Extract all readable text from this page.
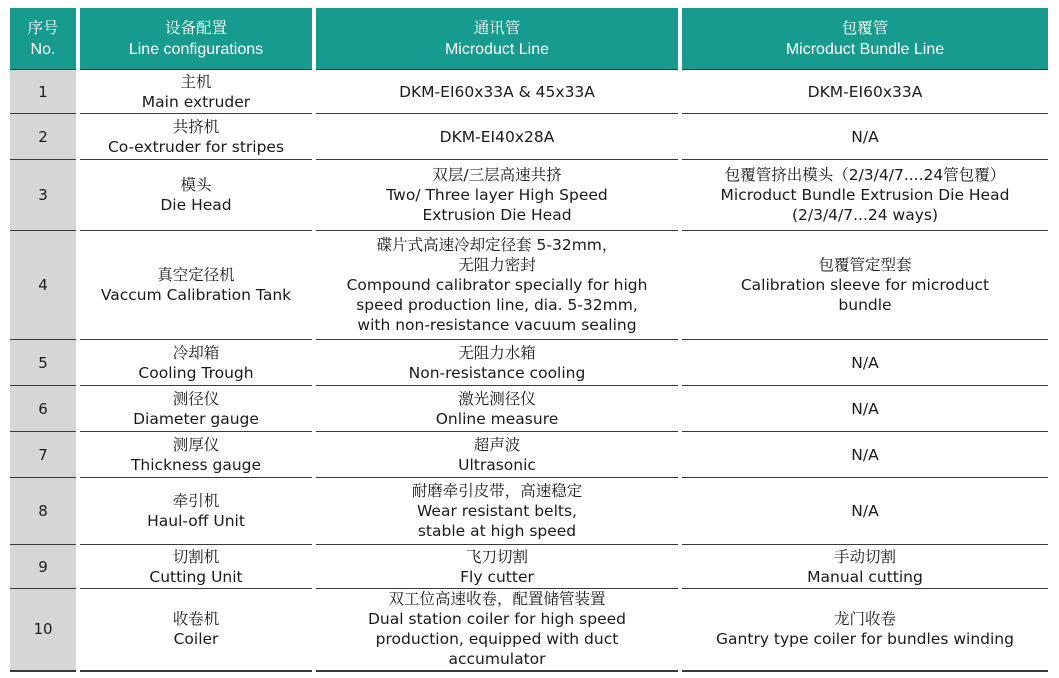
序号
No.	设备配置
Line configurations	通讯管
Microduct Line	包覆管
Microduct Bundle Line

1	主机
Main extruder	DKM-EI60x33A & 45x33A	DKM-EI60x33A

2	共挤机
Co-extruder for stripes	DKM-EI40x28A	N/A

3	模头
Die Head	双层/三层高速共挤
Two/ Three layer High Speed
Extrusion Die Head	包覆管挤出模头（2/3/4/7....24管包覆）
Microduct Bundle Extrusion Die Head
(2/3/4/7...24 ways)

4	真空定径机
Vaccum Calibration Tank	碟片式高速冷却定径套 5-32mm，
无阻力密封
Compound calibrator specially for high
speed production line, dia. 5-32mm,
with non-resistance vacuum sealing	包覆管定型套
Calibration sleeve for microduct
bundle

5	冷却箱
Cooling Trough	无阻力水箱
Non-resistance cooling	N/A

6	测径仪
Diameter gauge	激光测径仪
Online measure	N/A

7	测厚仪
Thickness gauge	超声波
Ultrasonic	N/A

8	牵引机
Haul-off Unit	耐磨牵引皮带，高速稳定
Wear resistant belts,
stable at high speed	N/A

9	切割机
Cutting Unit	飞刀切割
Fly cutter	手动切割
Manual cutting

10	收卷机
Coiler	双工位高速收卷，配置储管装置
Dual station coiler for high speed
production, equipped with duct
accumulator	龙门收卷
Gantry type coiler for bundles winding
